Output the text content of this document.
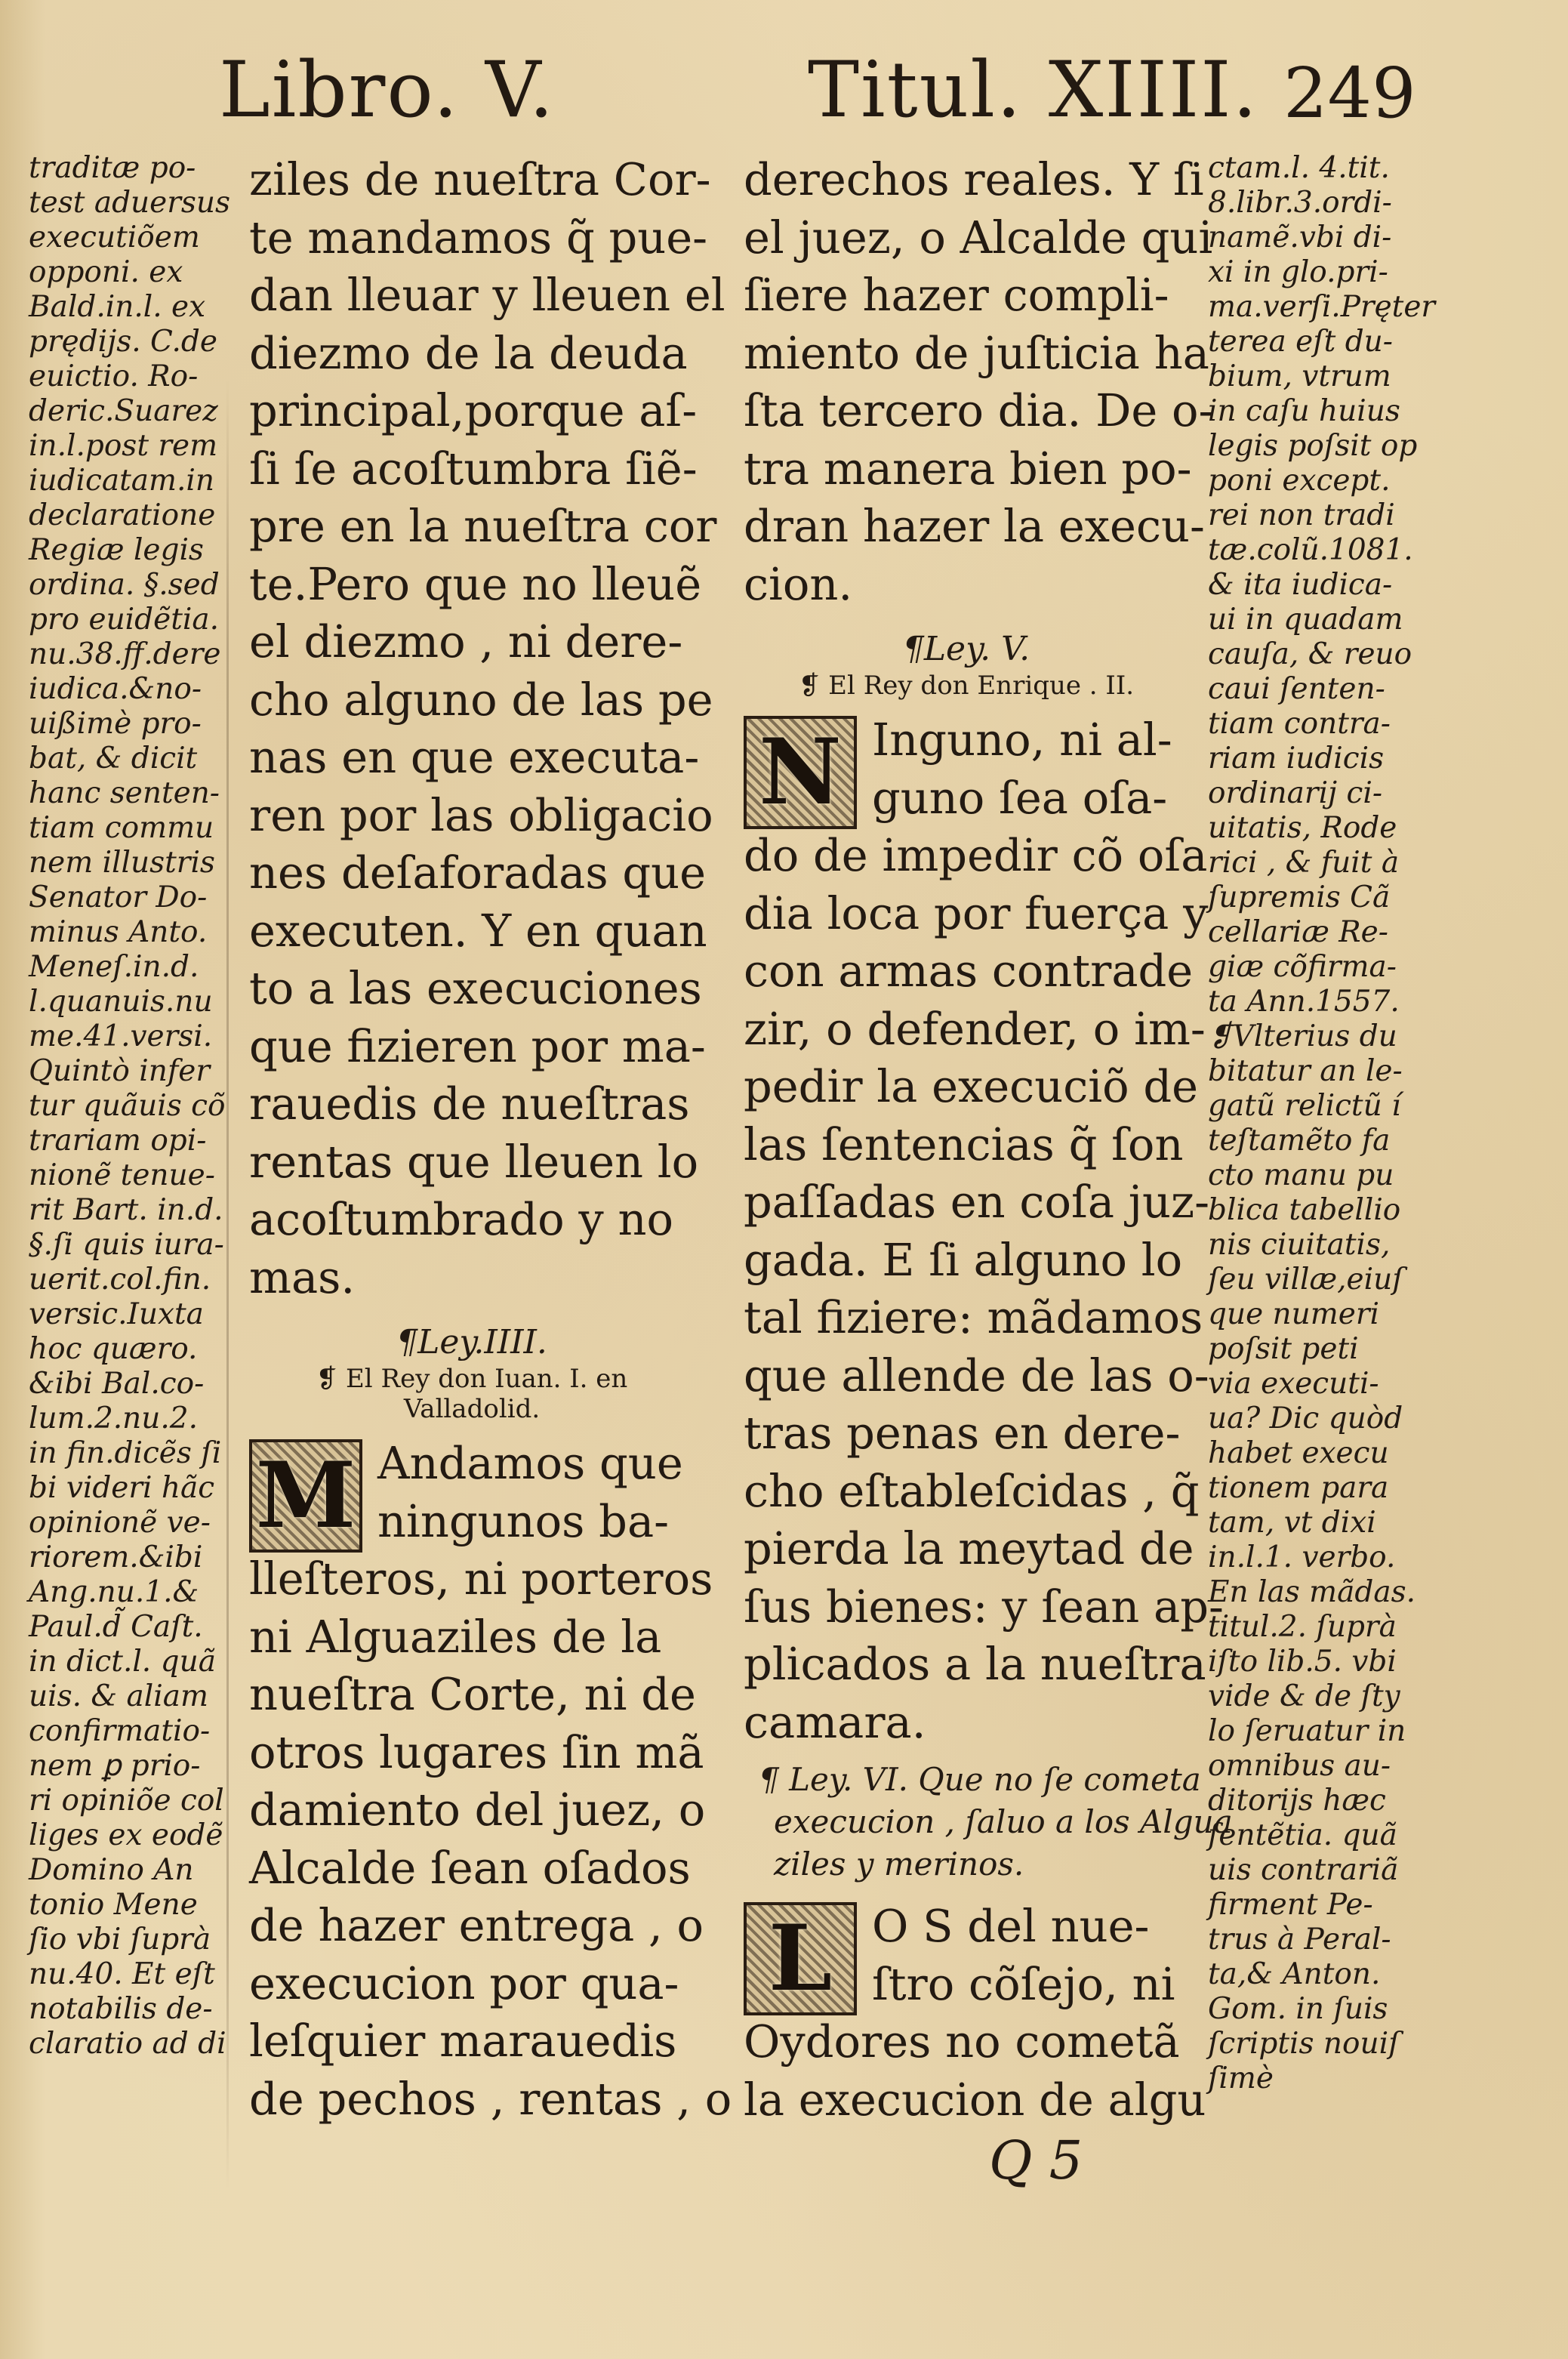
Libro. V.	Titul. XIIII. 249
traditæ po-
test aduersus
executiõem
opponi. ex
Bald.in.l. ex
prędijs. C.de
euictio. Ro-
deric.Suarez
in.l.post rem
iudicatam.in
declaratione
Regiæ legis
ordina. §.sed
pro euidẽtia.
nu.38.ff.dere
iudica.&no-
uißimè pro-
bat, & dicit
hanc senten-
tiam commu
nem illustris
Senator Do-
minus Anto.
Meneſ.in.d.
l.quanuis.nu
me.41.versi.
Quintò infer
tur quãuis cõ
trariam opi-
nionẽ tenue-
rit Bart. in.d.
§.ſi quis iura-
uerit.col.fin.
versic.Iuxta
hoc quæro.
&ibi Bal.co-
lum.2.nu.2.
in fin.dicẽs ſi
bi videri hãc
opinionẽ ve-
riorem.&ibi
Ang.nu.1.&
Paul.d̃ Caſt.
in dict.l. quã
uis. & aliam
confirmatio-
nem ꝑ prio-
ri opiniõe col
liges ex eodẽ
Domino An
tonio Mene
ſio vbi ſuprà
nu.40. Et eſt
notabilis de-
claratio ad di
ziles de nueſtra Cor-
te mandamos q̃ pue-
dan lleuar y lleuen el
diezmo de la deuda
principal,porque aſ-
ſi ſe acoſtumbra ſiẽ-
pre en la nueſtra cor
te.Pero que no lleuẽ
el diezmo , ni dere-
cho alguno de las pe
nas en que executa-
ren por las obligacio
nes deſaforadas que
executen. Y en quan
to a las execuciones
que fizieren por ma-
rauedis de nueſtras
rentas que lleuen lo
acoſtumbrado y no
mas.
¶Ley.IIII.
❡ El Rey don Iuan. I. en
Valladolid.
M Andamos que
ningunos ba-
lleſteros, ni porteros
ni Alguaziles de la
nueſtra Corte, ni de
otros lugares ſin mã
damiento del juez, o
Alcalde ſean oſados
de hazer entrega , o
execucion por qua-
leſquier marauedis
de pechos , rentas , o
derechos reales. Y ſi
el juez, o Alcalde qui
ſiere hazer compli-
miento de juſticia ha
ſta tercero dia. De o-
tra manera bien po-
dran hazer la execu-
cion.
¶Ley. V.
❡ El Rey don Enrique . II.
N Inguno, ni al-
guno ſea oſa-
do de impedir cõ oſa
dia loca por fuerça y
con armas contrade
zir, o defender, o im-
pedir la execuciõ de
las ſentencias q̃ ſon
paſſadas en coſa juz-
gada. E ſi alguno lo
tal fiziere: mãdamos
que allende de las o-
tras penas en dere-
cho eſtableſcidas , q̃
pierda la meytad de
ſus bienes: y ſean ap-
plicados a la nueſtra
camara.
¶ Ley. VI. Que no ſe cometa
execucion , ſaluo a los Algua
ziles y merinos.
L O S del nue-
ſtro cõſejo, ni
Oydores no cometã
la execucion de algu
ctam.l. 4.tit.
8.libr.3.ordi-
namẽ.vbi di-
xi in glo.pri-
ma.verſi.Pręter
terea eſt du-
bium, vtrum
in caſu huius
legis poſsit op
poni except.
rei non tradi
tæ.colũ.1081.
& ita iudica-
ui in quadam
cauſa, & reuo
caui ſenten-
tiam contra-
riam iudicis
ordinarij ci-
uitatis, Rode
rici , & fuit à
ſupremis Cã
cellariæ Re-
giæ cõfirma-
ta Ann.1557.
❡Vlterius du
bitatur an le-
gatũ relictũ í
teſtamẽto fa
cto manu pu
blica tabellio
nis ciuitatis,
ſeu villæ,eiuſ
que numeri
poſsit peti
via executi-
ua? Dic quòd
habet execu
tionem para
tam, vt dixi
in.l.1. verbo.
En las mãdas.
titul.2. ſuprà
iſto lib.5. vbi
vide & de ſty
lo ſeruatur in
omnibus au-
ditorijs hæc
ſentẽtia. quã
uis contrariã
firment Pe-
trus à Peral-
ta,& Anton.
Gom. in ſuis
ſcriptis nouiſ
ſimè
Q 5
